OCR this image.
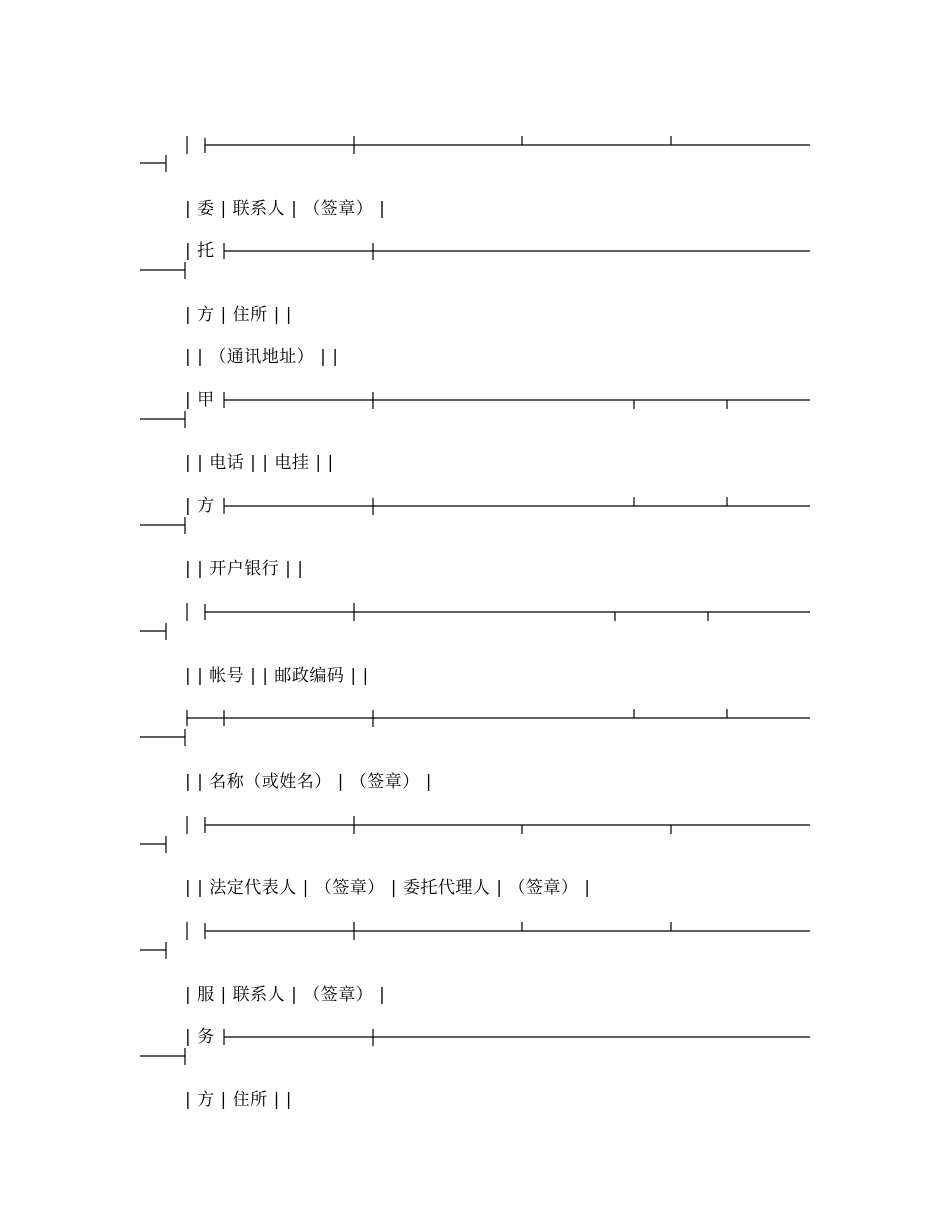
| 委 | 联系人 | （签章） |
| 托
| 方 | 住所 | |
| | （通讯地址） | |
| 甲
| | 电话 | | 电挂 | |
| 方
| | 开户银行 | |
| | 帐号 | | 邮政编码 | |
| | 名称（或姓名） | （签章） |
| | 法定代表人 | （签章） | 委托代理人 | （签章） |
| 服 | 联系人 | （签章） |
| 务
| 方 | 住所 | |
